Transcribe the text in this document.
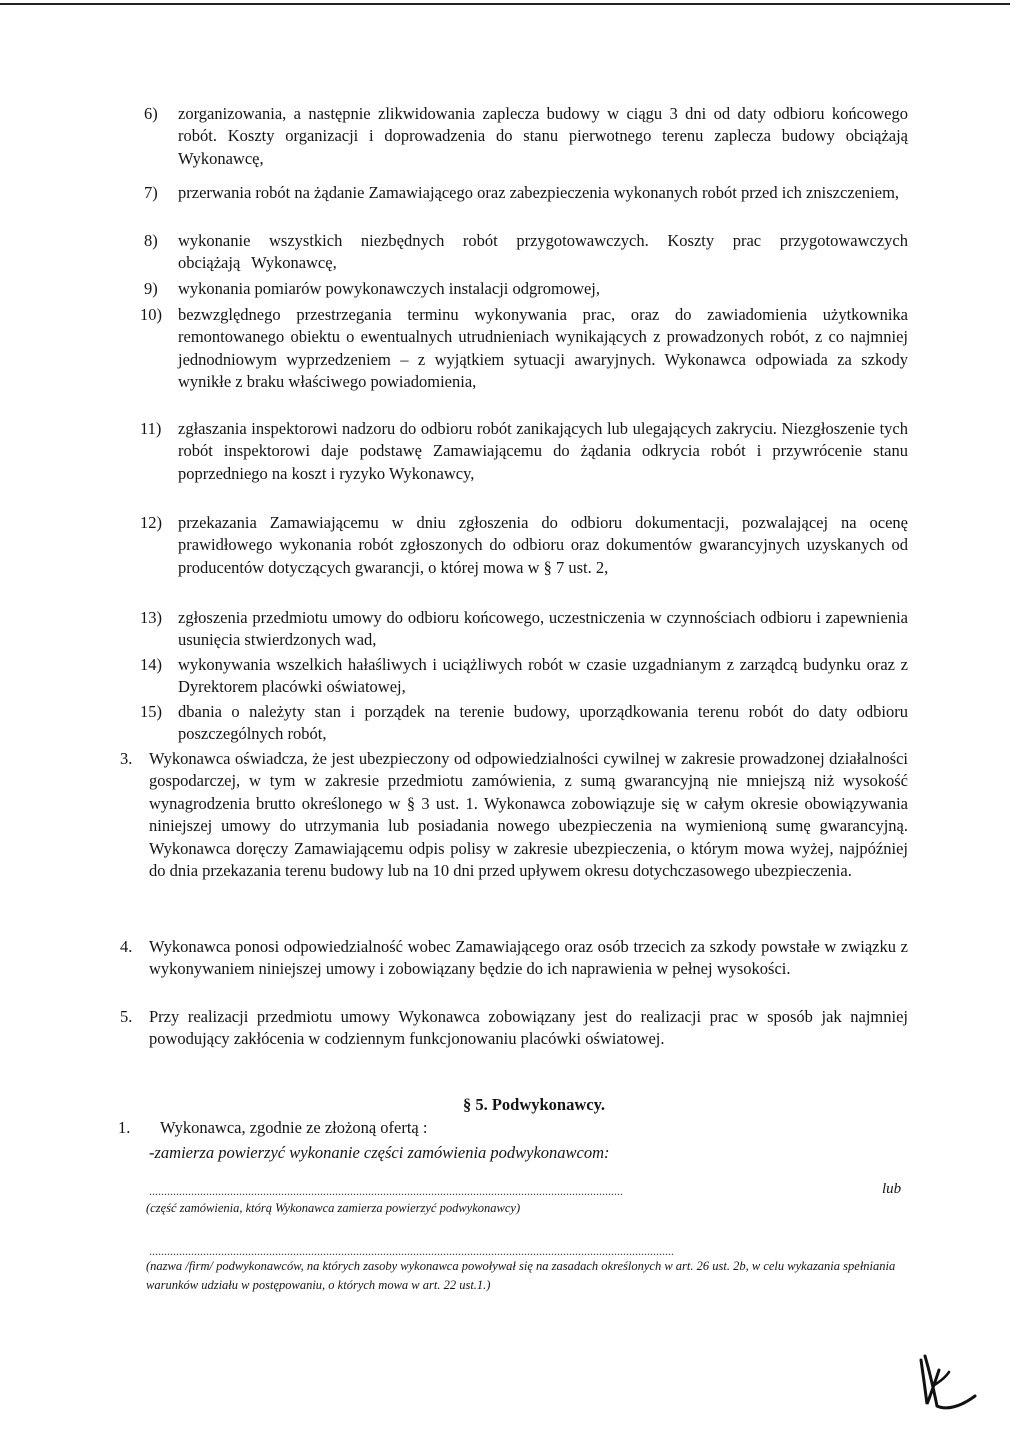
6) zorganizowania, a następnie zlikwidowania zaplecza budowy w ciągu 3 dni od daty odbioru końcowego robót. Koszty organizacji i doprowadzenia do stanu pierwotnego terenu zaplecza budowy obciążają Wykonawcę,
7) przerwania robót na żądanie Zamawiającego oraz zabezpieczenia wykonanych robót przed ich zniszczeniem,
8) wykonanie wszystkich niezbędnych robót przygotowawczych. Koszty prac przygotowawczych obciążają Wykonawcę,
9) wykonania pomiarów powykonawczych instalacji odgromowej,
10) bezwzględnego przestrzegania terminu wykonywania prac, oraz do zawiadomienia użytkownika remontowanego obiektu o ewentualnych utrudnieniach wynikających z prowadzonych robót, z co najmniej jednodniowym wyprzedzeniem – z wyjątkiem sytuacji awaryjnych. Wykonawca odpowiada za szkody wynikłe z braku właściwego powiadomienia,
11) zgłaszania inspektorowi nadzoru do odbioru robót zanikających lub ulegających zakryciu. Niezgłoszenie tych robót inspektorowi daje podstawę Zamawiającemu do żądania odkrycia robót i przywrócenie stanu poprzedniego na koszt i ryzyko Wykonawcy,
12) przekazania Zamawiającemu w dniu zgłoszenia do odbioru dokumentacji, pozwalającej na ocenę prawidłowego wykonania robót zgłoszonych do odbioru oraz dokumentów gwarancyjnych uzyskanych od producentów dotyczących gwarancji, o której mowa w § 7 ust. 2,
13) zgłoszenia przedmiotu umowy do odbioru końcowego, uczestniczenia w czynnościach odbioru i zapewnienia usunięcia stwierdzonych wad,
14) wykonywania wszelkich hałaśliwych i uciążliwych robót w czasie uzgadnianym z zarządcą budynku oraz z Dyrektorem placówki oświatowej,
15) dbania o należyty stan i porządek na terenie budowy, uporządkowania terenu robót do daty odbioru poszczególnych robót,
3. Wykonawca oświadcza, że jest ubezpieczony od odpowiedzialności cywilnej w zakresie prowadzonej działalności gospodarczej, w tym w zakresie przedmiotu zamówienia, z sumą gwarancyjną nie mniejszą niż wysokość wynagrodzenia brutto określonego w § 3 ust. 1. Wykonawca zobowiązuje się w całym okresie obowiązywania niniejszej umowy do utrzymania lub posiadania nowego ubezpieczenia na wymienioną sumę gwarancyjną. Wykonawca doręczy Zamawiającemu odpis polisy w zakresie ubezpieczenia, o którym mowa wyżej, najpóźniej do dnia przekazania terenu budowy lub na 10 dni przed upływem okresu dotychczasowego ubezpieczenia.
4. Wykonawca ponosi odpowiedzialność wobec Zamawiającego oraz osób trzecich za szkody powstałe w związku z wykonywaniem niniejszej umowy i zobowiązany będzie do ich naprawienia w pełnej wysokości.
5. Przy realizacji przedmiotu umowy Wykonawca zobowiązany jest do realizacji prac w sposób jak najmniej powodujący zakłócenia w codziennym funkcjonowaniu placówki oświatowej.
§ 5. Podwykonawcy.
1. Wykonawca, zgodnie ze złożoną ofertą :
-zamierza powierzyć wykonanie części zamówienia podwykonawcom:
..............................................................................................................................................................	lub
(część zamówienia, którą Wykonawca zamierza powierzyć podwykonawcy)
...............................................................................................................................................................................
(nazwa /firm/ podwykonawców, na których zasoby wykonawca powoływał się na zasadach określonych w art. 26 ust. 2b, w celu wykazania spełniania warunków udziału w postępowaniu, o których mowa w art. 22 ust.1.)
